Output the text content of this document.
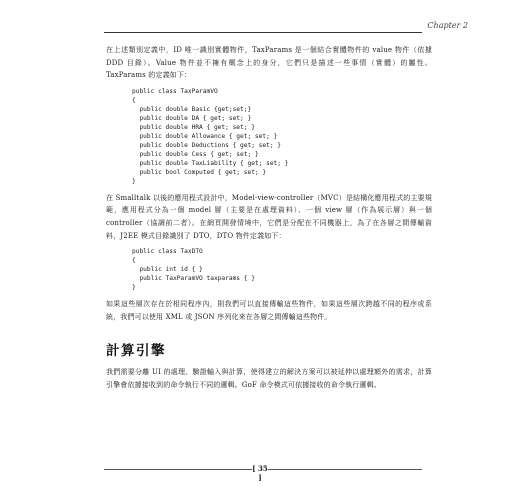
Chapter 2

在上述類別定義中，ID 唯一識別實體物件，TaxParams 是一個結合實體物件的 value 物件（依據 DDD 目錄）。Value 物件並不擁有概念上的身分，它們只是描述一些事情（實體）的屬性。TaxParams 的定義如下：

public class TaxParamVO
{
public double Basic {get;set;}
public double DA { get; set; }
public double HRA { get; set; }
public double Allowance { get; set; }
public double Deductions { get; set; }
public double Cess { get; set; }
public double TaxLiability { get; set; }
public bool Computed { get; set; }
}

在 Smalltalk 以後的應用程式設計中，Model-view-controller（MVC）是結構化應用程式的主要規範，應用程式分為一個 model 層（主要是在處理資料）、一個 view 層（作為展示層）與一個 controller（協調前二者）。在網頁開發情境中，它們是分配在不同機器上，為了在各層之間傳輸資料，J2EE 模式目錄識別了 DTO，DTO 物件定義如下：

public class TaxDTO
{
public int id { }
public TaxParamVO taxparams { }
}

如果這些層次存在於相同程序內，則我們可以直接傳輸這些物件，如果這些層次跨越不同的程序或系統，我們可以使用 XML 或 JSON 序列化來在各層之間傳輸這些物件。

計算引擎

我們需要分離 UI 的處理、驗證輸入與計算，使得建立的解決方案可以被延伸以處理額外的需求，計算引擎會依據接收到的命令執行不同的邏輯。GoF 命令模式可依據接收的命令執行邏輯。

[ 35 ]
